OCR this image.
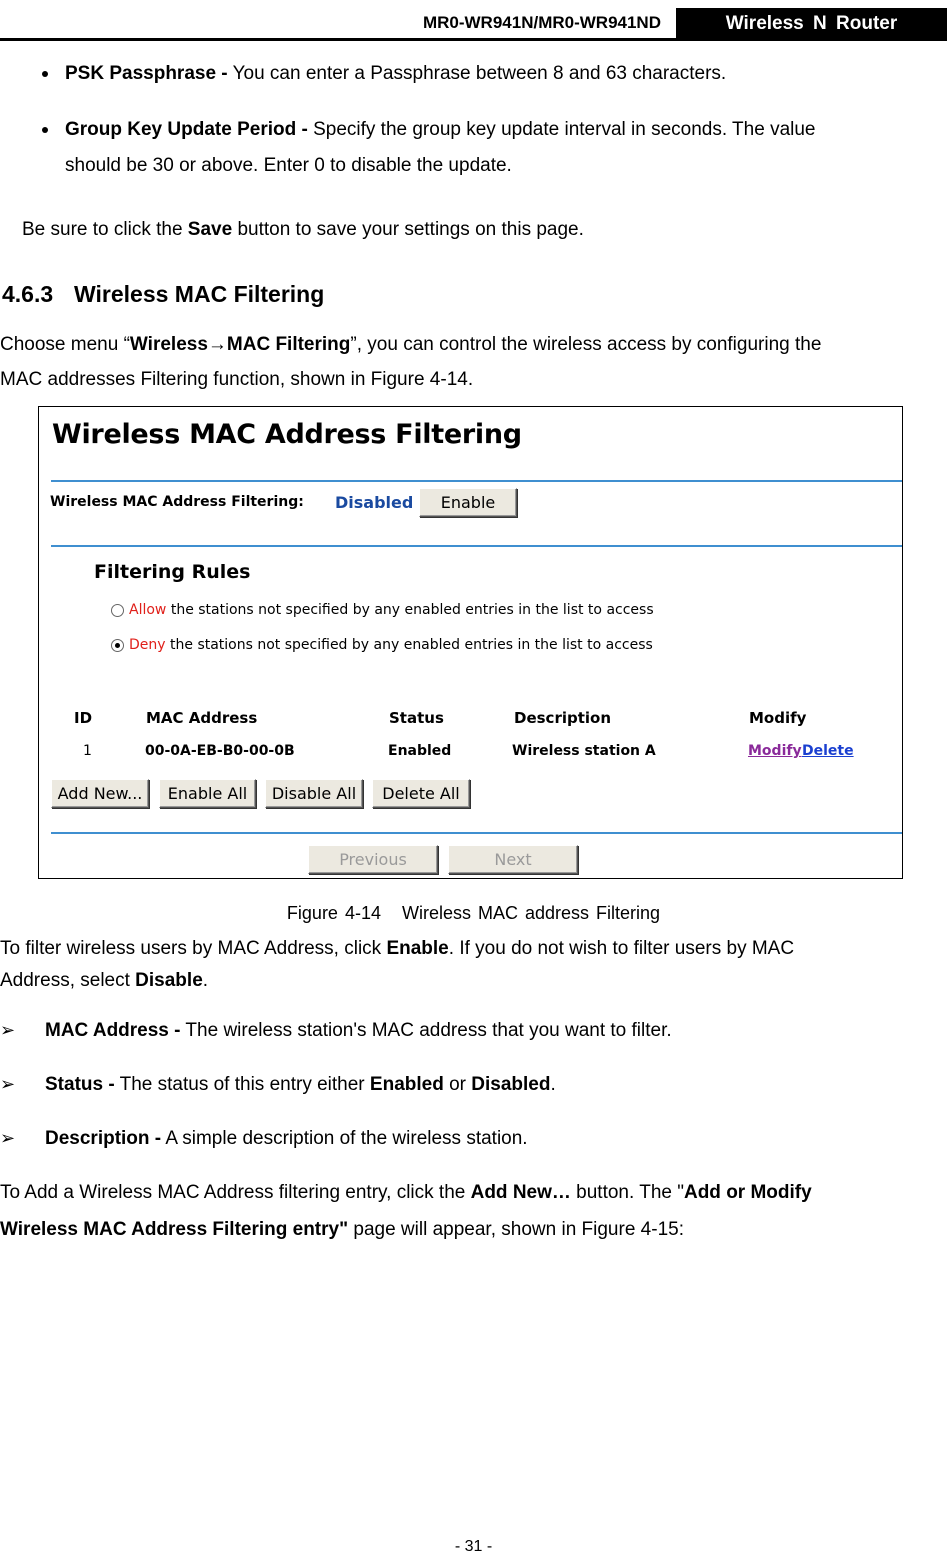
MR0-WR941N/MR0-WR941ND	Wireless N Router
PSK Passphrase - You can enter a Passphrase between 8 and 63 characters.
Group Key Update Period - Specify the group key update interval in seconds. The value
should be 30 or above. Enter 0 to disable the update.
Be sure to click the Save button to save your settings on this page.
4.6.3 Wireless MAC Filtering
Choose menu “Wireless→MAC Filtering”, you can control the wireless access by configuring the
MAC addresses Filtering function, shown in Figure 4-14.
Wireless MAC Address Filtering
Wireless MAC Address Filtering: Disabled	Enable
Filtering Rules
Allow the stations not specified by any enabled entries in the list to access
Deny the stations not specified by any enabled entries in the list to access
ID	MAC Address	Status	Description	Modify
1	00-0A-EB-B0-00-0B	Enabled	Wireless station A	Modify Delete
Add New...	Enable All	Disable All	Delete All
Previous	Next
Figure 4-14 Wireless MAC address Filtering
To filter wireless users by MAC Address, click Enable. If you do not wish to filter users by MAC
Address, select Disable.
➢ MAC Address - The wireless station's MAC address that you want to filter.
➢ Status - The status of this entry either Enabled or Disabled.
➢ Description - A simple description of the wireless station.
To Add a Wireless MAC Address filtering entry, click the Add New… button. The "Add or Modify
Wireless MAC Address Filtering entry" page will appear, shown in Figure 4-15:
- 31 -
